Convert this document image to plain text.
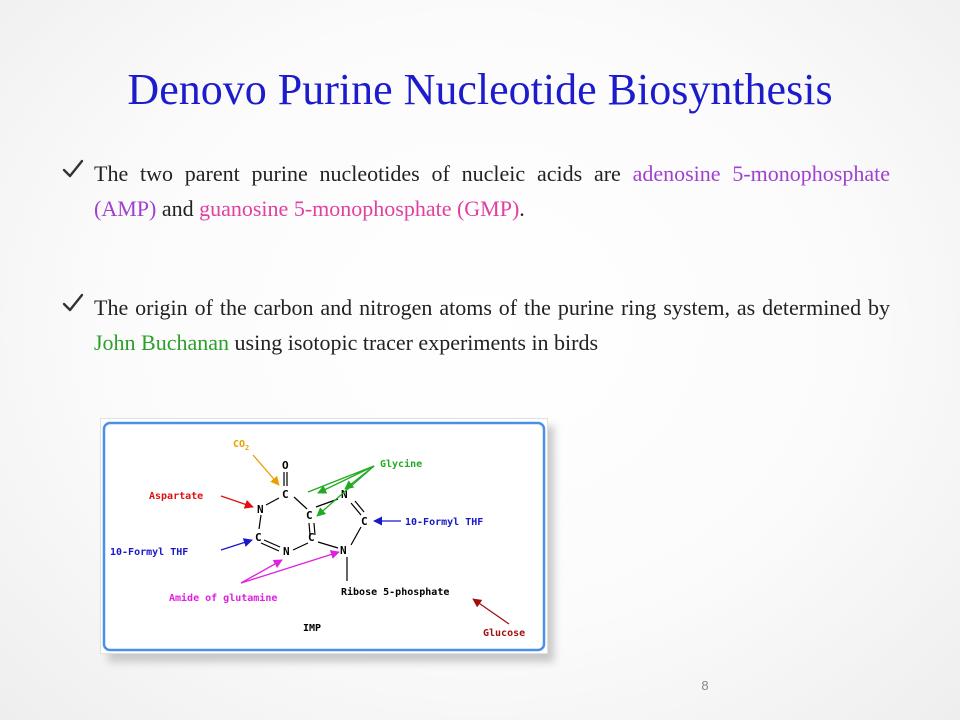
Denovo Purine Nucleotide Biosynthesis
The two parent purine nucleotides of nucleic acids are adenosine 5-monophosphate (AMP) and guanosine 5-monophosphate (GMP).
The origin of the carbon and nitrogen atoms of the purine ring system, as determined by John Buchanan using isotopic tracer experiments in birds
O
C
N
C
N
C
C
N
C
N
$CO_2$
Glycine
Aspartate
10-Formyl THF
10-Formyl THF
Amide of glutamine
Ribose 5-phosphate
Glucose
IMP
8
